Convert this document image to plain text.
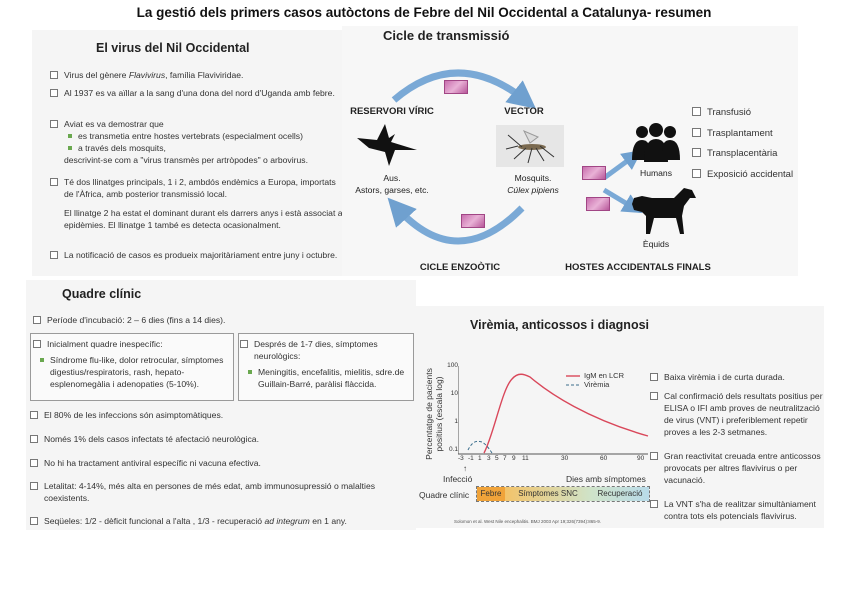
La gestió dels primers casos autòctons de Febre del Nil Occidental a Catalunya- resumen
El virus del Nil Occidental
Virus del gènere Flavivirus, família Flaviviridae.
Al 1937 es va aïllar a la sang d'una dona del nord d'Uganda amb febre.
Aviat es va demostrar que
es transmetia entre hostes vertebrats (especialment ocells)
a través dels mosquits,
descrivint-se com a "virus transmès per artròpodes" o arbovirus.
Té dos llinatges principals, 1 i 2, ambdós endèmics a Europa, importats de l'Àfrica, amb posterior transmissió local.
El llinatge 2 ha estat el dominant durant els darrers anys i està associat a epidèmies. El llinatge 1 també es detecta ocasionalment.
La notificació de casos es produeix majoritàriament entre juny i octubre.
Cicle de transmissió
RESERVORI VÍRIC	VECTOR
Aus.
Astors, garses, etc.
Mosquits.
Cúlex pipiens
CICLE ENZOÒTIC
Humans
Èquids
HOSTES ACCIDENTALS FINALS
Transfusió
Trasplantament
Transplacentària
Exposició accidental
Quadre clínic
Període d'incubació: 2 – 6 dies (fins a 14 dies).
Inicialment quadre inespecífic:
Síndrome flu-like, dolor retrocular, símptomes digestius/respiratoris, rash, hepato-esplenomegàlia i adenopaties (5-10%).
Després de 1-7 dies, símptomes neurològics:
Meningitis, encefalitis, mielitis, sdre.de Guillain-Barré, paràlisi flàccida.
El 80% de les infeccions són asimptomàtiques.
Només 1% dels casos infectats té afectació neurològica.
No hi ha tractament antiviral específic ni vacuna efectiva.
Letalitat: 4-14%, més alta en persones de més edat, amb immunosupressió o malalties coexistents.
Seqüeles: 1/2 - dèficit funcional a l'alta , 1/3 - recuperació ad integrum en 1 any.
Virèmia, anticossos i diagnosi
Percentatge de pacients positius (escala log)
100
10
1
0.1
IgM en LCR
Virèmia
-3 -1 1 3 5 7 9 11	30	60	90
↑
Infecció	Dies amb símptomes
Quadre clínic	Febre	Símptomes SNC	Recuperació
Solomon et al. West Nile encephalitis. BMJ 2003 Apr 19;326(7394):865-9.
Baixa virèmia i de curta durada.
Cal confirmació dels resultats positius per ELISA o IFI amb proves de neutralització de virus (VNT) i preferiblement repetir proves a les 2-3 setmanes.
Gran reactivitat creuada entre anticossos provocats per altres flavivirus o per vacunació.
La VNT s'ha de realitzar simultàniament contra tots els potencials flavivirus.
